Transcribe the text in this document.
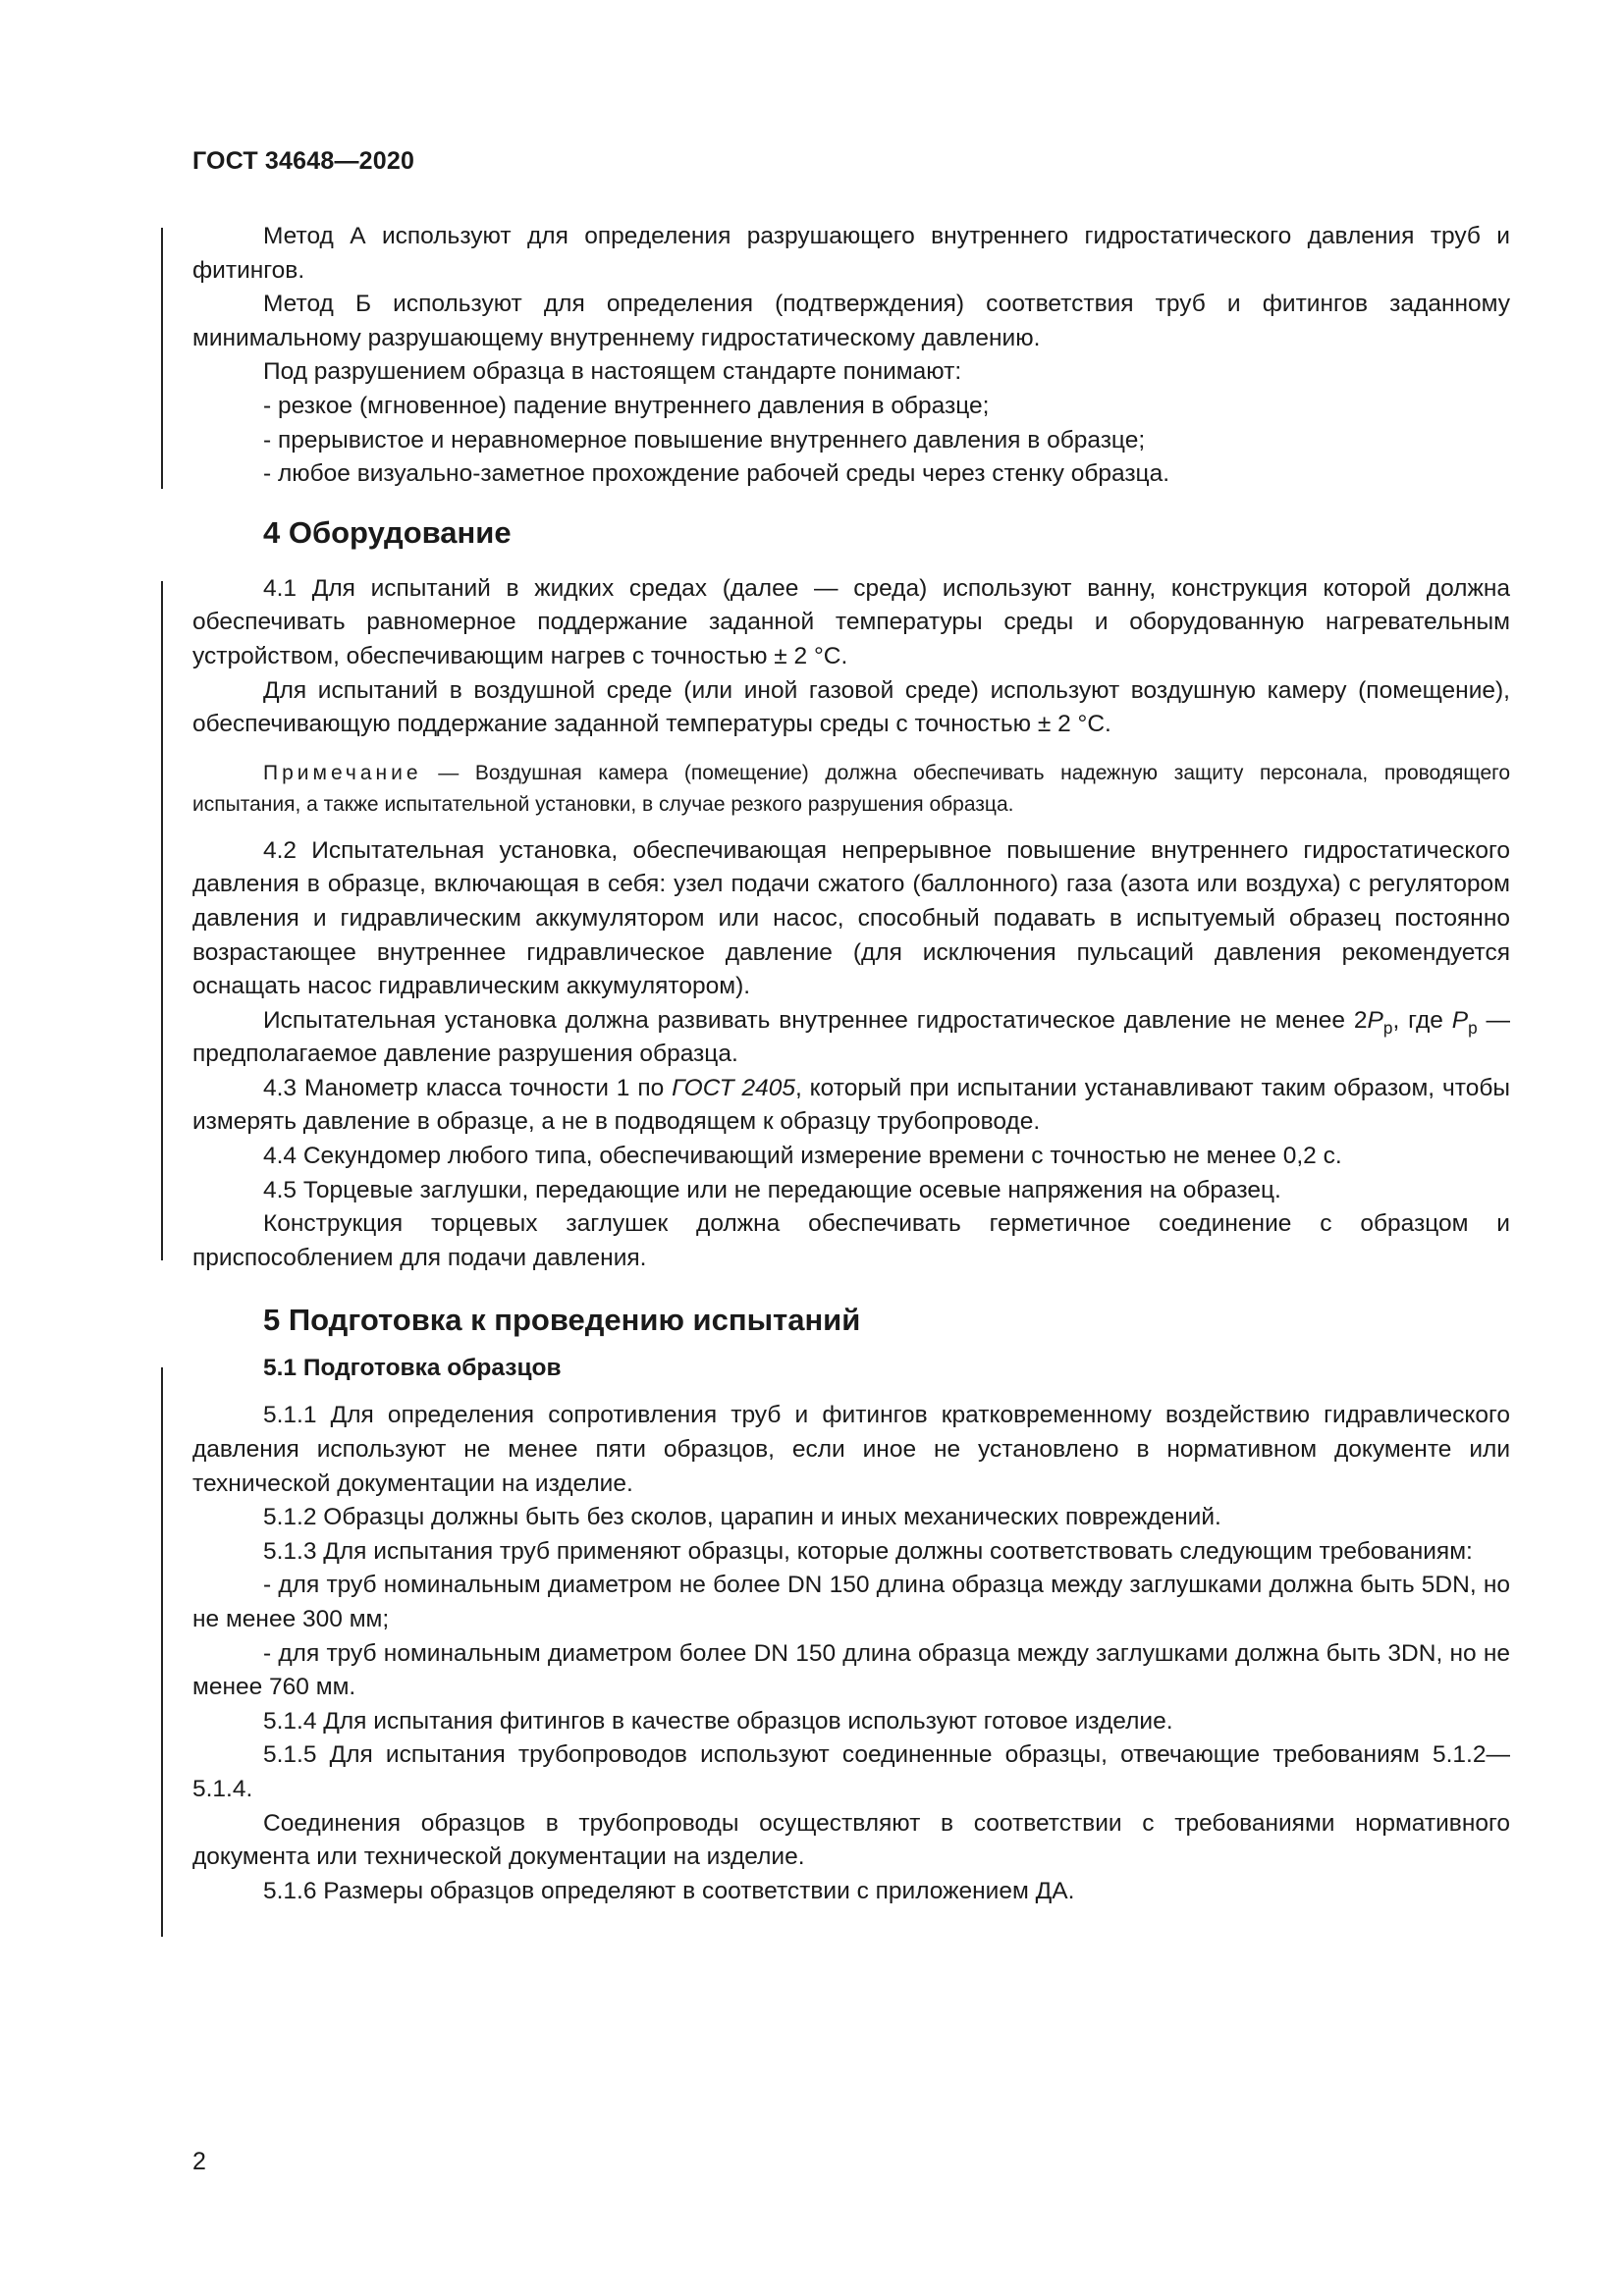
ГОСТ 34648—2020

Метод А используют для определения разрушающего внутреннего гидростатического давления труб и фитингов.

Метод Б используют для определения (подтверждения) соответствия труб и фитингов заданному минимальному разрушающему внутреннему гидростатическому давлению.

Под разрушением образца в настоящем стандарте понимают:

- резкое (мгновенное) падение внутреннего давления в образце;

- прерывистое и неравномерное повышение внутреннего давления в образце;

- любое визуально-заметное прохождение рабочей среды через стенку образца.

4 Оборудование

4.1 Для испытаний в жидких средах (далее — среда) используют ванну, конструкция которой должна обеспечивать равномерное поддержание заданной температуры среды и оборудованную нагревательным устройством, обеспечивающим нагрев с точностью ± 2 °С.

Для испытаний в воздушной среде (или иной газовой среде) используют воздушную камеру (помещение), обеспечивающую поддержание заданной температуры среды с точностью ± 2 °С.

Примечание — Воздушная камера (помещение) должна обеспечивать надежную защиту персонала, проводящего испытания, а также испытательной установки, в случае резкого разрушения образца.

4.2 Испытательная установка, обеспечивающая непрерывное повышение внутреннего гидростатического давления в образце, включающая в себя: узел подачи сжатого (баллонного) газа (азота или воздуха) с регулятором давления и гидравлическим аккумулятором или насос, способный подавать в испытуемый образец постоянно возрастающее внутреннее гидравлическое давление (для исключения пульсаций давления рекомендуется оснащать насос гидравлическим аккумулятором).

Испытательная установка должна развивать внутреннее гидростатическое давление не менее $2P_р$, где $P_р$ — предполагаемое давление разрушения образца.

4.3 Манометр класса точности 1 по ГОСТ 2405, который при испытании устанавливают таким образом, чтобы измерять давление в образце, а не в подводящем к образцу трубопроводе.

4.4 Секундомер любого типа, обеспечивающий измерение времени с точностью не менее 0,2 с.

4.5 Торцевые заглушки, передающие или не передающие осевые напряжения на образец.

Конструкция торцевых заглушек должна обеспечивать герметичное соединение с образцом и приспособлением для подачи давления.

5 Подготовка к проведению испытаний
5.1 Подготовка образцов

5.1.1 Для определения сопротивления труб и фитингов кратковременному воздействию гидравлического давления используют не менее пяти образцов, если иное не установлено в нормативном документе или технической документации на изделие.

5.1.2 Образцы должны быть без сколов, царапин и иных механических повреждений.

5.1.3 Для испытания труб применяют образцы, которые должны соответствовать следующим требованиям:

- для труб номинальным диаметром не более DN 150 длина образца между заглушками должна быть 5DN, но не менее 300 мм;

- для труб номинальным диаметром более DN 150 длина образца между заглушками должна быть 3DN, но не менее 760 мм.

5.1.4 Для испытания фитингов в качестве образцов используют готовое изделие.

5.1.5 Для испытания трубопроводов используют соединенные образцы, отвечающие требованиям 5.1.2—5.1.4.

Соединения образцов в трубопроводы осуществляют в соответствии с требованиями нормативного документа или технической документации на изделие.

5.1.6 Размеры образцов определяют в соответствии с приложением ДА.

2
